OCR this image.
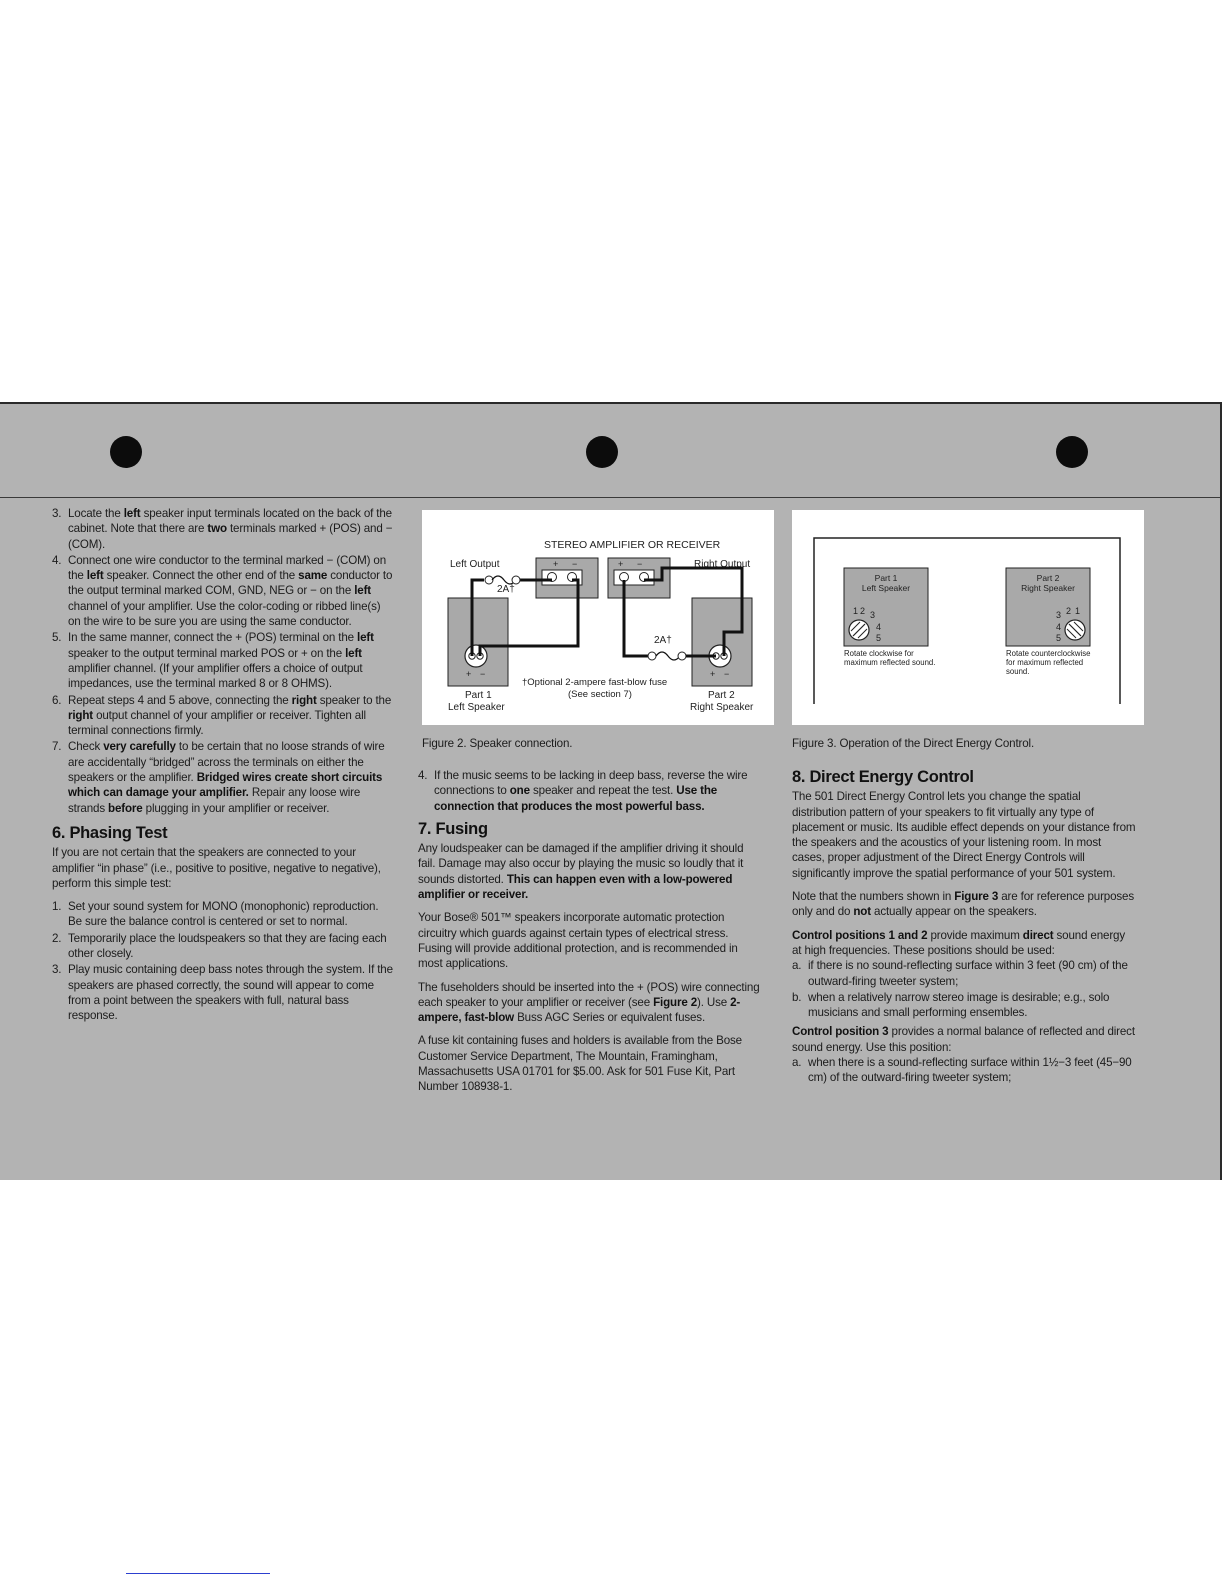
3. Locate the left speaker input terminals located on the back of the cabinet. Note that there are two terminals marked + (POS) and − (COM).
4. Connect one wire conductor to the terminal marked − (COM) on the left speaker. Connect the other end of the same conductor to the output terminal marked COM, GND, NEG or − on the left channel of your amplifier. Use the color-coding or ribbed line(s) on the wire to be sure you are using the same conductor.
5. In the same manner, connect the + (POS) terminal on the left speaker to the output terminal marked POS or + on the left amplifier channel. (If your amplifier offers a choice of output impedances, use the terminal marked 8 or 8 OHMS).
6. Repeat steps 4 and 5 above, connecting the right speaker to the right output channel of your amplifier or receiver. Tighten all terminal connections firmly.
7. Check very carefully to be certain that no loose strands of wire are accidentally “bridged” across the terminals on either the speakers or the amplifier. Bridged wires create short circuits which can damage your amplifier. Repair any loose wire strands before plugging in your amplifier or receiver.
6. Phasing Test

If you are not certain that the speakers are connected to your amplifier “in phase” (i.e., positive to positive, negative to negative), perform this simple test:

1. Set your sound system for MONO (monophonic) reproduction. Be sure the balance control is centered or set to normal.
2. Temporarily place the loudspeakers so that they are facing each other closely.
3. Play music containing deep bass notes through the system. If the speakers are phased correctly, the sound will appear to come from a point between the speakers with full, natural bass response.
STEREO AMPLIFIER OR RECEIVER
+ −	+ −
Left Output	Right Output
2A†
2A†
+ −	+ −
†Optional 2-ampere fast-blow fuse
(See section 7)
Part 1
Left Speaker
Part 2
Right Speaker
Figure 2. Speaker connection.
Part 1
Left Speaker
Part 2
Right Speaker
1 2 3
4
5
3 2 1
4
5
Rotate clockwise for
maximum reflected sound.
Rotate counterclockwise
for maximum reflected
sound.
Figure 3. Operation of the Direct Energy Control.
4. If the music seems to be lacking in deep bass, reverse the wire connections to one speaker and repeat the test. Use the connection that produces the most powerful bass.
7. Fusing

Any loudspeaker can be damaged if the amplifier driving it should fail. Damage may also occur by playing the music so loudly that it sounds distorted. This can happen even with a low-powered amplifier or receiver.

Your Bose® 501™ speakers incorporate automatic protection circuitry which guards against certain types of electrical stress. Fusing will provide additional protection, and is recommended in most applications.

The fuseholders should be inserted into the + (POS) wire connecting each speaker to your amplifier or receiver (see Figure 2). Use 2-ampere, fast-blow Buss AGC Series or equivalent fuses.

A fuse kit containing fuses and holders is available from the Bose Customer Service Department, The Mountain, Framingham, Massachusetts USA 01701 for $5.00. Ask for 501 Fuse Kit, Part Number 108938-1.

8. Direct Energy Control

The 501 Direct Energy Control lets you change the spatial distribution pattern of your speakers to fit virtually any type of placement or music. Its audible effect depends on your distance from the speakers and the acoustics of your listening room. In most cases, proper adjustment of the Direct Energy Controls will significantly improve the spatial performance of your 501 system.

Note that the numbers shown in Figure 3 are for reference purposes only and do not actually appear on the speakers.

Control positions 1 and 2 provide maximum direct sound energy at high frequencies. These positions should be used:

a. if there is no sound-reflecting surface within 3 feet (90 cm) of the outward-firing tweeter system;
b. when a relatively narrow stereo image is desirable; e.g., solo musicians and small performing ensembles.

Control position 3 provides a normal balance of reflected and direct sound energy. Use this position:

a. when there is a sound-reflecting surface within 1½−3 feet (45−90 cm) of the outward-firing tweeter system;
